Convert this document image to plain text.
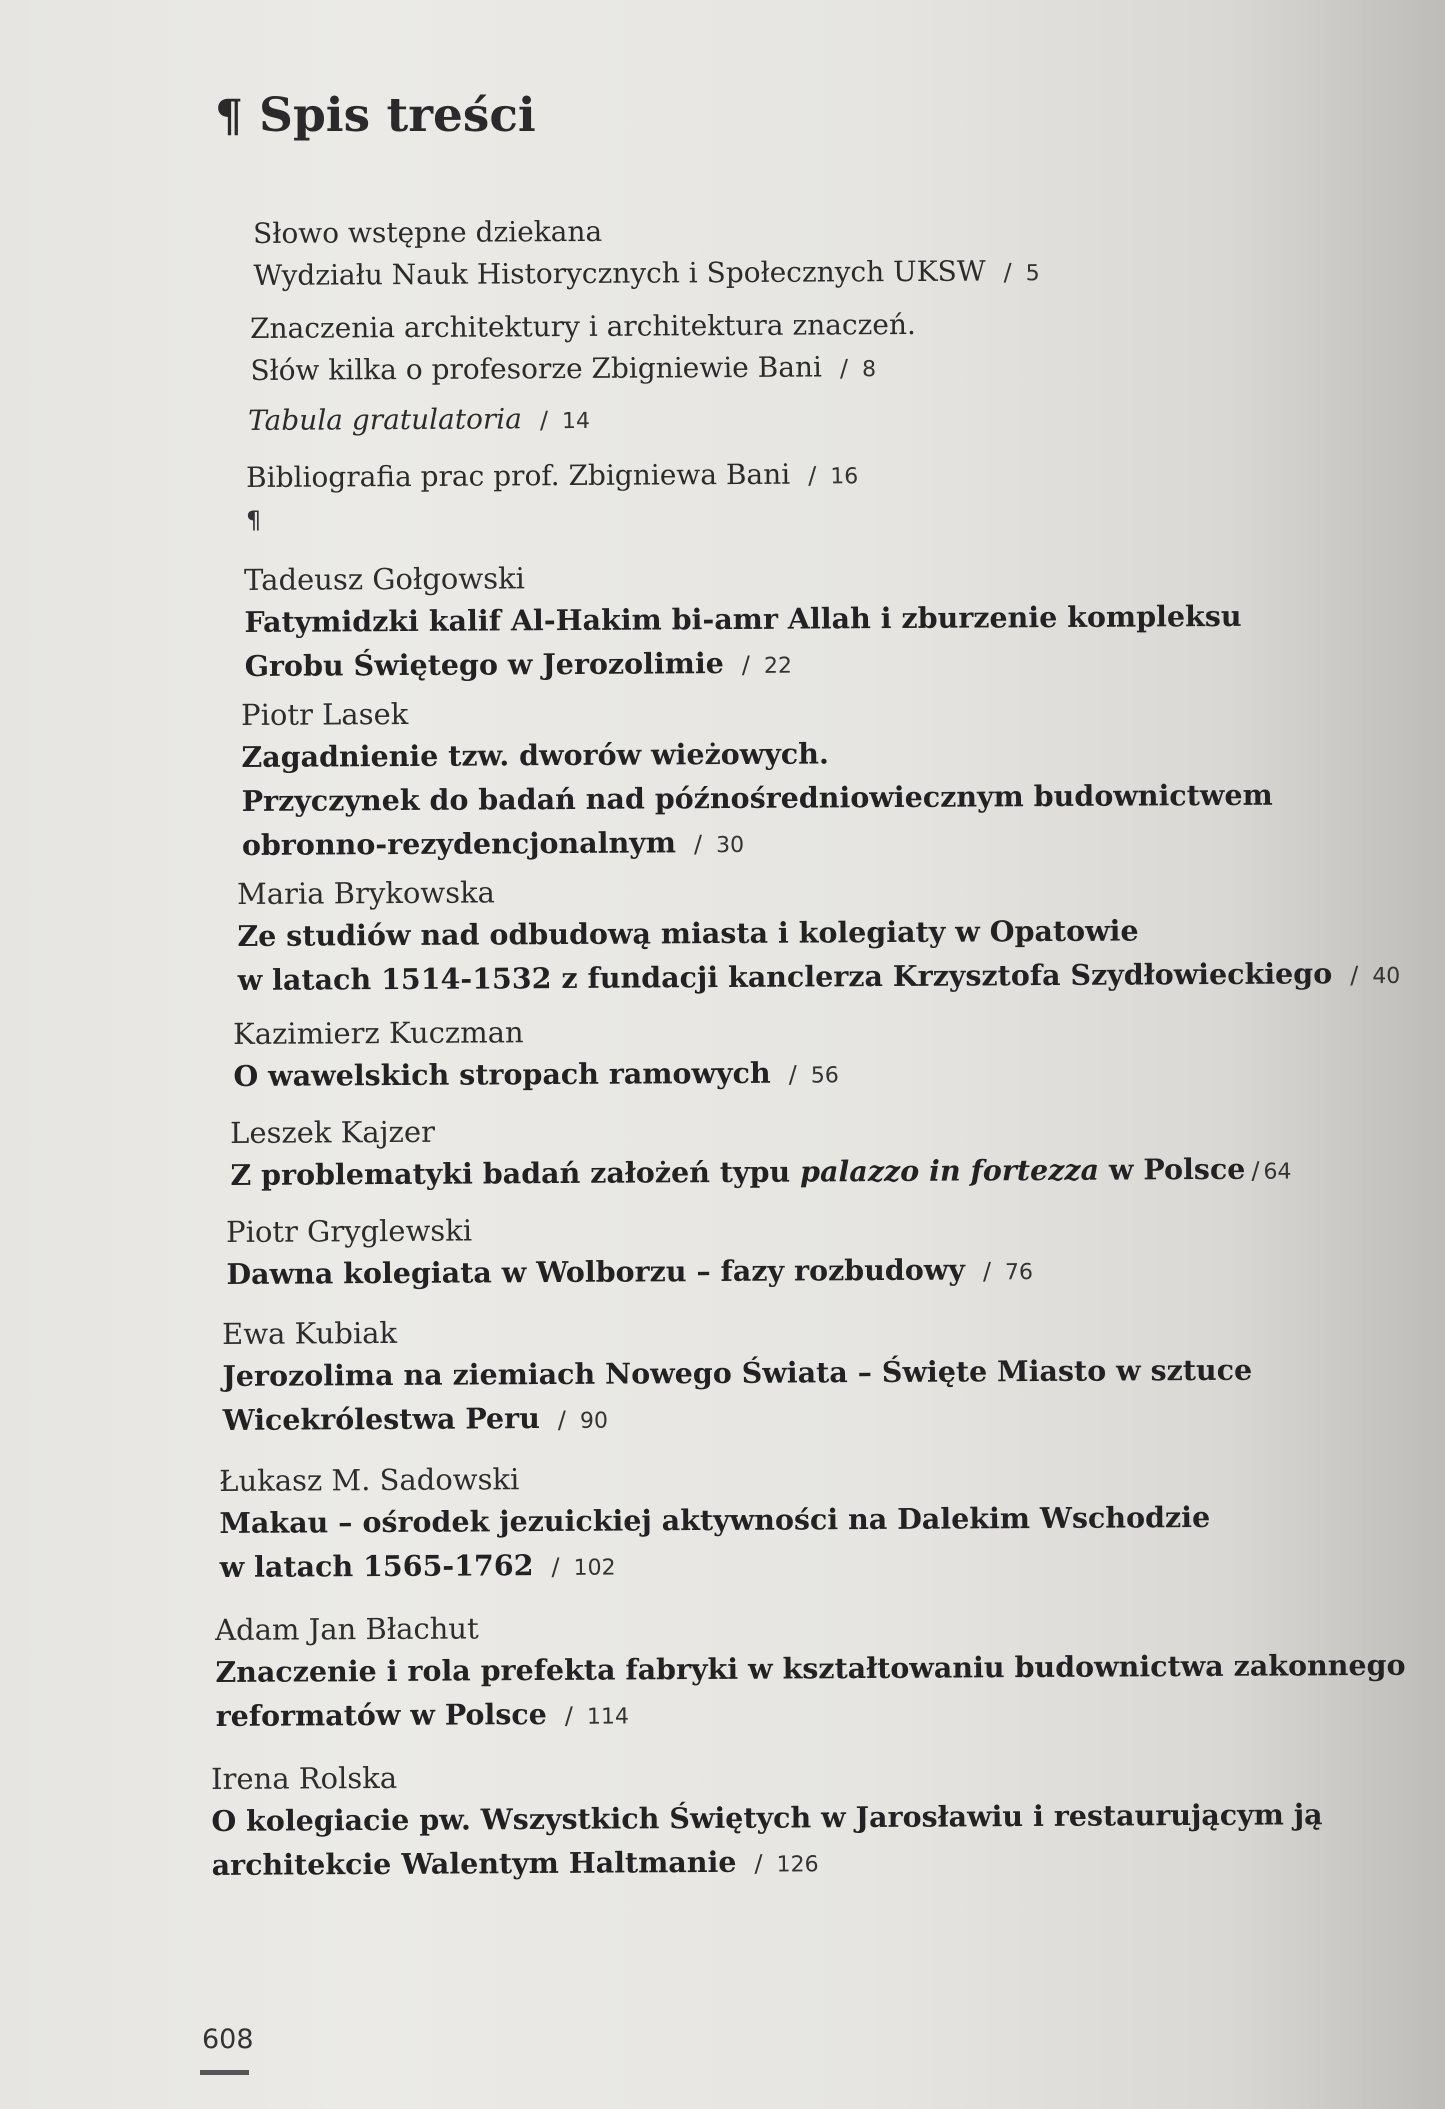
¶ Spis treści
Słowo wstępne dziekana
Wydziału Nauk Historycznych i Społecznych UKSW / 5
Znaczenia architektury i architektura znaczeń.
Słów kilka o profesorze Zbigniewie Bani / 8
Tabula gratulatoria / 14
Bibliografia prac prof. Zbigniewa Bani / 16
¶
Tadeusz Gołgowski
Fatymidzki kalif Al-Hakim bi-amr Allah i zburzenie kompleksu
Grobu Świętego w Jerozolimie / 22
Piotr Lasek
Zagadnienie tzw. dworów wieżowych.
Przyczynek do badań nad późnośredniowiecznym budownictwem
obronno-rezydencjonalnym / 30
Maria Brykowska
Ze studiów nad odbudową miasta i kolegiaty w Opatowie
w latach 1514-1532 z fundacji kanclerza Krzysztofa Szydłowieckiego / 40
Kazimierz Kuczman
O wawelskich stropach ramowych / 56
Leszek Kajzer
Z problematyki badań założeń typu palazzo in fortezza w Polsce / 64
Piotr Gryglewski
Dawna kolegiata w Wolborzu – fazy rozbudowy / 76
Ewa Kubiak
Jerozolima na ziemiach Nowego Świata – Święte Miasto w sztuce
Wicekrólestwa Peru / 90
Łukasz M. Sadowski
Makau – ośrodek jezuickiej aktywności na Dalekim Wschodzie
w latach 1565-1762 / 102
Adam Jan Błachut
Znaczenie i rola prefekta fabryki w kształtowaniu budownictwa zakonnego
reformatów w Polsce / 114
Irena Rolska
O kolegiacie pw. Wszystkich Świętych w Jarosławiu i restaurującym ją
architekcie Walentym Haltmanie / 126
608
